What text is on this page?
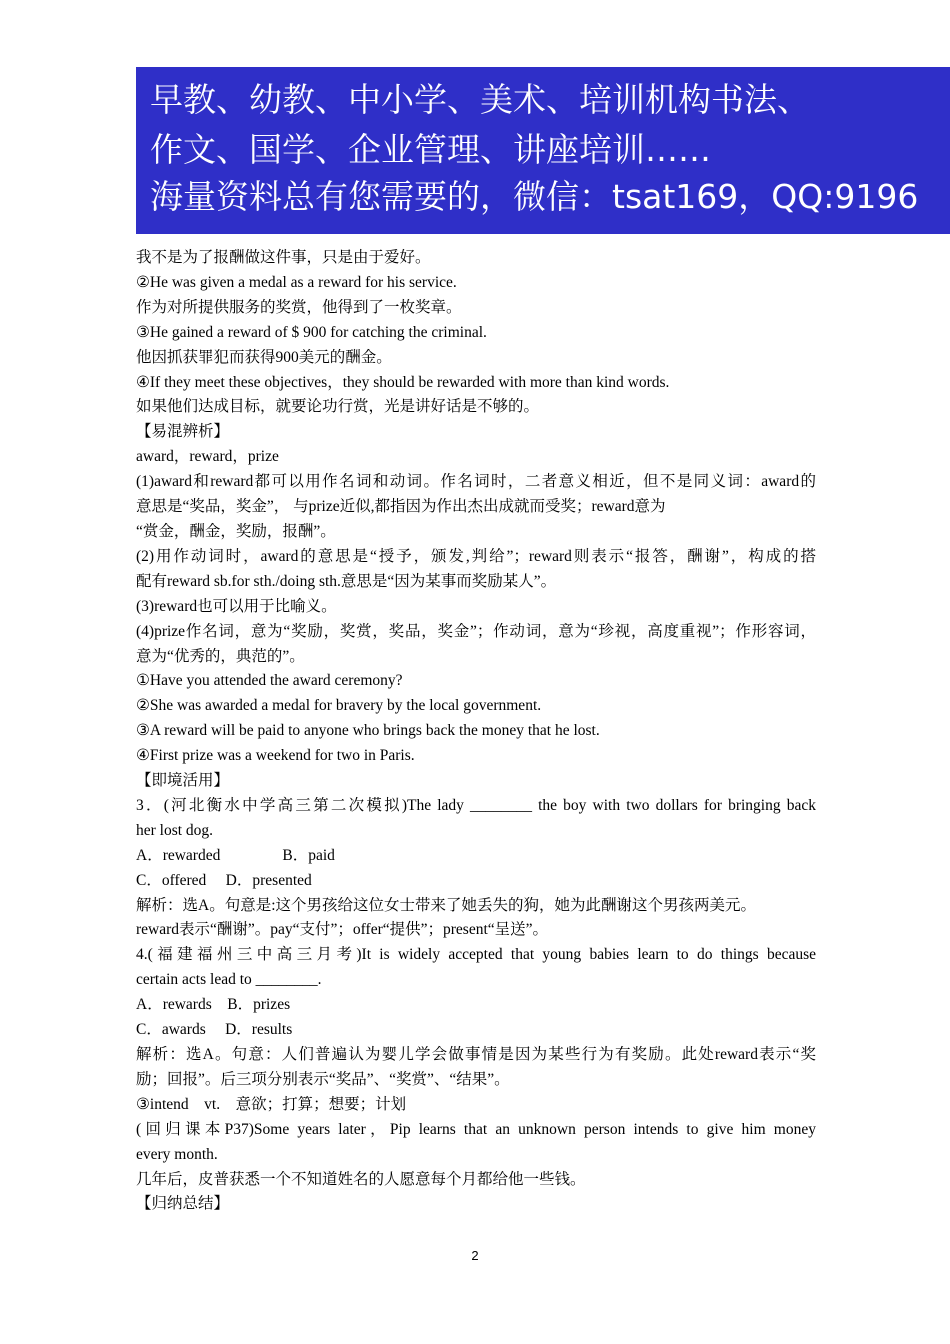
早教、幼教、中小学、美术、培训机构书法、
作文、国学、企业管理、讲座培训……
海量资料总有您需要的，微信：tsat169，QQ:9196
我不是为了报酬做这件事，只是由于爱好。
②He was given a medal as a reward for his service.
作为对所提供服务的奖赏，他得到了一枚奖章。
③He gained a reward of $ 900 for catching the criminal.
他因抓获罪犯而获得900美元的酬金。
④If they meet these objectives，they should be rewarded with more than kind words.
如果他们达成目标，就要论功行赏，光是讲好话是不够的。
【易混辨析】
award，reward，prize
(1)award和reward都可以用作名词和动词。作名词时，二者意义相近，但不是同义词：award的
意思是“奖品，奖金”， 与prize近似,都指因为作出杰出成就而受奖；reward意为
“赏金，酬金，奖励，报酬”。
(2)用作动词时，award的意思是“授予，颁发,判给”；reward则表示“报答，酬谢”，构成的搭
配有reward sb.for sth./doing sth.意思是“因为某事而奖励某人”。
(3)reward也可以用于比喻义。
(4)prize作名词，意为“奖励，奖赏，奖品，奖金”；作动词，意为“珍视，高度重视”；作形容词，
意为“优秀的，典范的”。
①Have you attended the award ceremony?
②She was awarded a medal for bravery by the local government.
③A reward will be paid to anyone who brings back the money that he lost.
④First prize was a weekend for two in Paris.
【即境活用】
3．(河北衡水中学高三第二次模拟)The lady ________ the boy with two dollars for bringing back
her lost dog.
A．rewarded　　　　B．paid
C．offered　 D．presented
解析：选A。句意是:这个男孩给这位女士带来了她丢失的狗，她为此酬谢这个男孩两美元。
reward表示“酬谢”。pay“支付”；offer“提供”；present“呈送”。
4.(福建福州三中高三月考)It is widely accepted that young babies learn to do things because
certain acts lead to ________.
A．rewards　B．prizes
C．awards　 D．results
解析：选A。句意：人们普遍认为婴儿学会做事情是因为某些行为有奖励。此处reward表示“奖
励；回报”。后三项分别表示“奖品”、“奖赏”、“结果”。
③intend　vt.　意欲；打算；想要；计划
(回归课本P37)Some years later，Pip learns that an unknown person intends to give him money
every month.
几年后，皮普获悉一个不知道姓名的人愿意每个月都给他一些钱。
【归纳总结】
2
